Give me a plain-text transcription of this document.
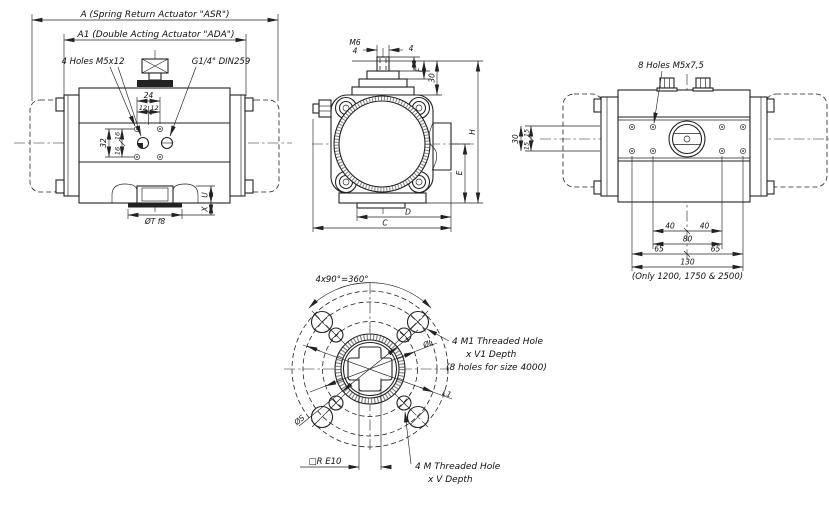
A (Spring Return Actuator "ASR")
A1 (Double Acting Actuator "ADA")
4 Holes M5x12	G1/4" DIN259
24
12 12
32
16
16
ØT f8
U
X
M6
4	4
F
30
E
H
D
C
8 Holes M5x7,5
30
15
15
40	40
80
65	65
130
(Only 1200, 1750 & 2500)
4x90°=360°
ØL
L1
ØS
□R E10
4 M1 Threaded Hole
x V1 Depth
(8 holes for size 4000)
4 M Threaded Hole
x V Depth
